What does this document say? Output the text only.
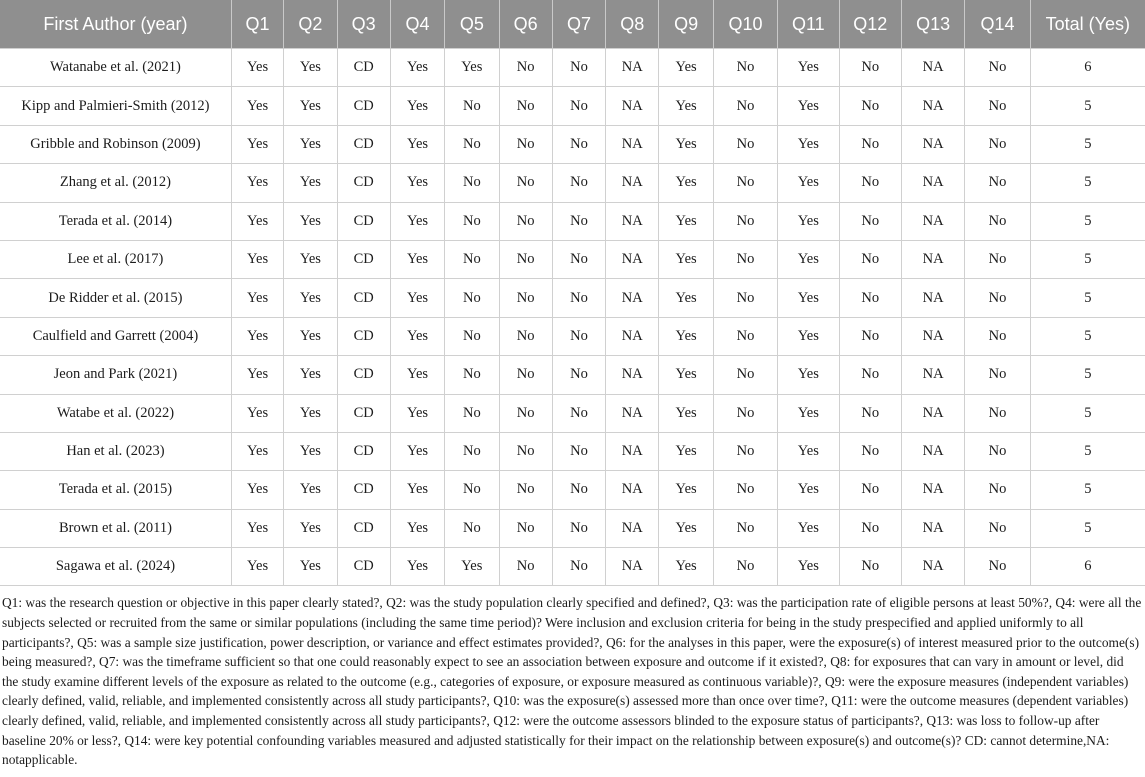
First Author (year)	Q1	Q2	Q3	Q4	Q5	Q6	Q7	Q8	Q9	Q10	Q11	Q12	Q13	Q14	Total (Yes)
Watanabe et al. (2021)	Yes	Yes	CD	Yes	Yes	No	No	NA	Yes	No	Yes	No	NA	No	6
Kipp and Palmieri-Smith (2012)	Yes	Yes	CD	Yes	No	No	No	NA	Yes	No	Yes	No	NA	No	5
Gribble and Robinson (2009)	Yes	Yes	CD	Yes	No	No	No	NA	Yes	No	Yes	No	NA	No	5
Zhang et al. (2012)	Yes	Yes	CD	Yes	No	No	No	NA	Yes	No	Yes	No	NA	No	5
Terada et al. (2014)	Yes	Yes	CD	Yes	No	No	No	NA	Yes	No	Yes	No	NA	No	5
Lee et al. (2017)	Yes	Yes	CD	Yes	No	No	No	NA	Yes	No	Yes	No	NA	No	5
De Ridder et al. (2015)	Yes	Yes	CD	Yes	No	No	No	NA	Yes	No	Yes	No	NA	No	5
Caulfield and Garrett (2004)	Yes	Yes	CD	Yes	No	No	No	NA	Yes	No	Yes	No	NA	No	5
Jeon and Park (2021)	Yes	Yes	CD	Yes	No	No	No	NA	Yes	No	Yes	No	NA	No	5
Watabe et al. (2022)	Yes	Yes	CD	Yes	No	No	No	NA	Yes	No	Yes	No	NA	No	5
Han et al. (2023)	Yes	Yes	CD	Yes	No	No	No	NA	Yes	No	Yes	No	NA	No	5
Terada et al. (2015)	Yes	Yes	CD	Yes	No	No	No	NA	Yes	No	Yes	No	NA	No	5
Brown et al. (2011)	Yes	Yes	CD	Yes	No	No	No	NA	Yes	No	Yes	No	NA	No	5
Sagawa et al. (2024)	Yes	Yes	CD	Yes	Yes	No	No	NA	Yes	No	Yes	No	NA	No	6

Q1: was the research question or objective in this paper clearly stated?, Q2: was the study population clearly specified and defined?, Q3: was the participation rate of eligible persons at least 50%?, Q4: were all the subjects selected or recruited from the same or similar populations (including the same time period)? Were inclusion and exclusion criteria for being in the study prespecified and applied uniformly to all participants?, Q5: was a sample size justification, power description, or variance and effect estimates provided?, Q6: for the analyses in this paper, were the exposure(s) of interest measured prior to the outcome(s) being measured?, Q7: was the timeframe sufficient so that one could reasonably expect to see an association between exposure and outcome if it existed?, Q8: for exposures that can vary in amount or level, did the study examine different levels of the exposure as related to the outcome (e.g., categories of exposure, or exposure measured as continuous variable)?, Q9: were the exposure measures (independent variables) clearly defined, valid, reliable, and implemented consistently across all study participants?, Q10: was the exposure(s) assessed more than once over time?, Q11: were the outcome measures (dependent variables) clearly defined, valid, reliable, and implemented consistently across all study participants?, Q12: were the outcome assessors blinded to the exposure status of participants?, Q13: was loss to follow-up after baseline 20% or less?, Q14: were key potential confounding variables measured and adjusted statistically for their impact on the relationship between exposure(s) and outcome(s)? CD: cannot determine,NA: notapplicable.
